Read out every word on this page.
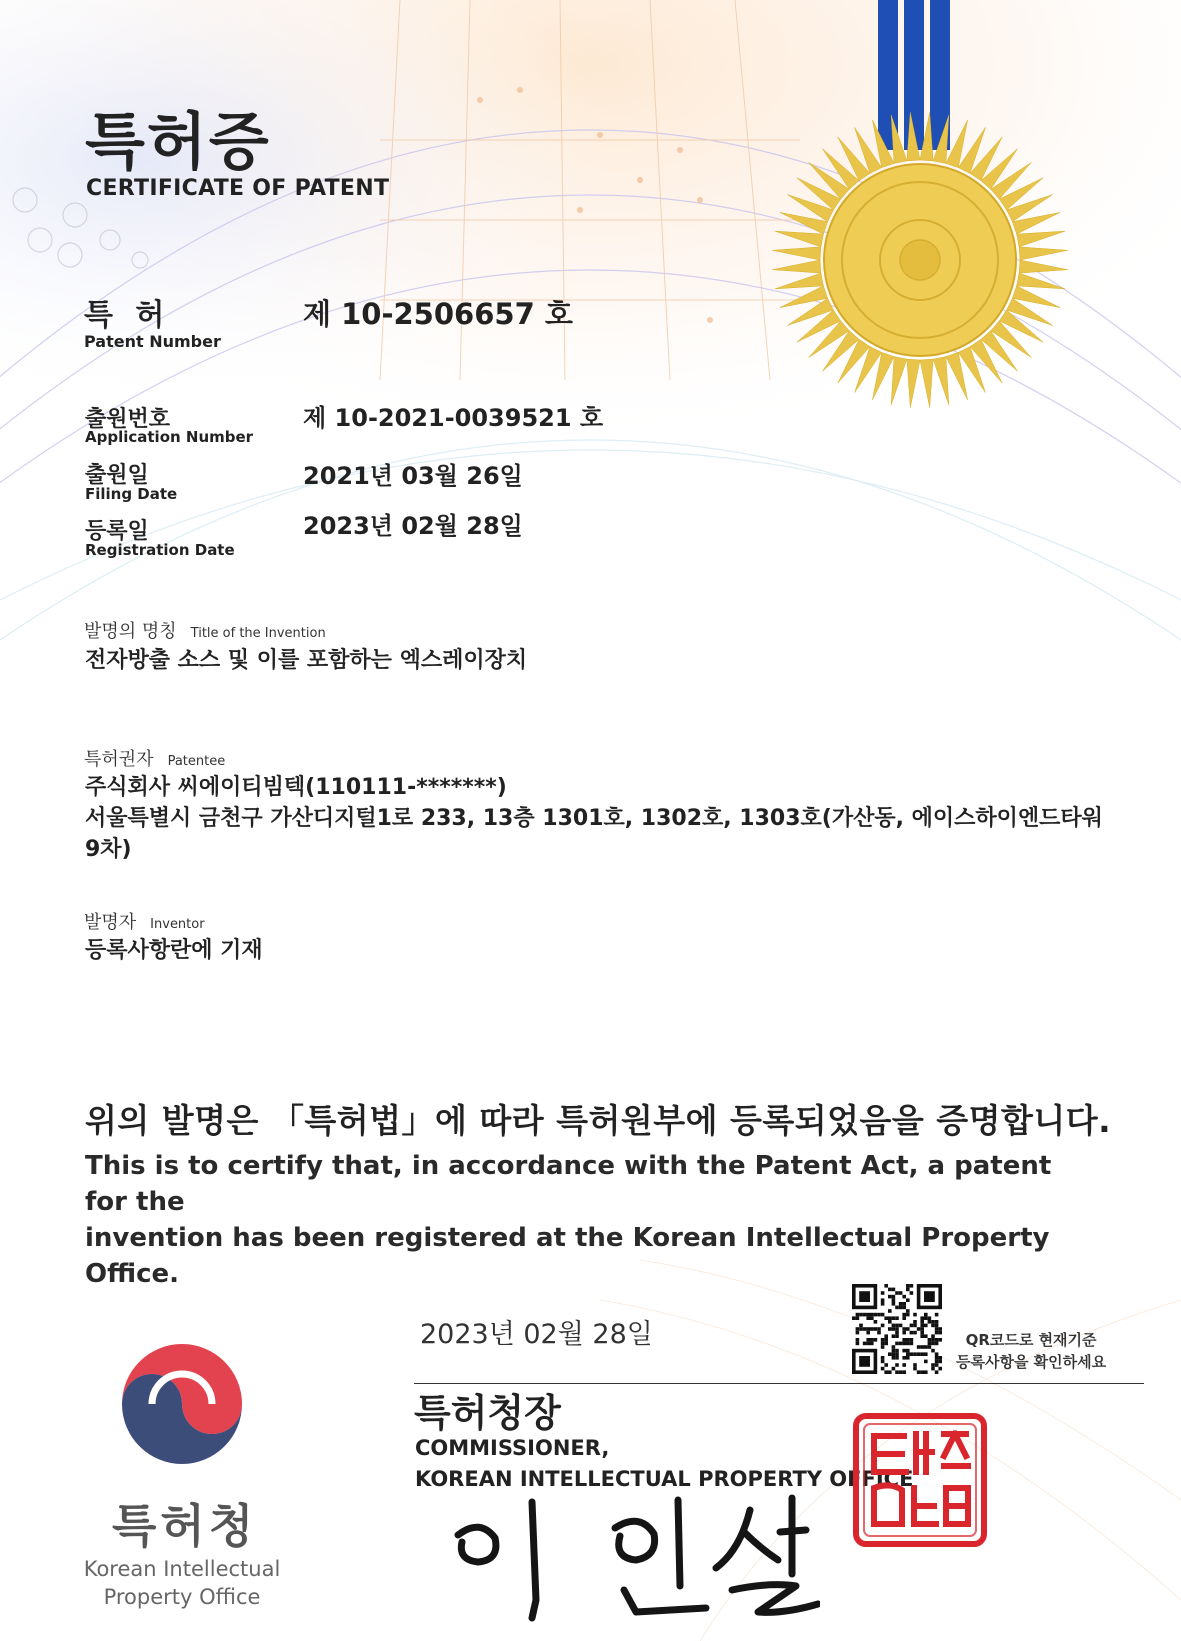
특허증
CERTIFICATE OF PATENT
특 허
Patent Number
제 10-2506657 호
출원번호
Application Number
제 10-2021-0039521 호
출원일
Filing Date
2021년 03월 26일
등록일
Registration Date
2023년 02월 28일
발명의 명칭 Title of the Invention
전자방출 소스 및 이를 포함하는 엑스레이장치
특허권자 Patentee
주식회사 씨에이티빔텍(110111-*******)
서울특별시 금천구 가산디지털1로 233, 13층 1301호, 1302호, 1303호(가산동, 에이스하이엔드타워
9차)
발명자 Inventor
등록사항란에 기재
위의 발명은 「특허법」에 따라 특허원부에 등록되었음을 증명합니다.
This is to certify that, in accordance with the Patent Act, a patent for the
invention has been registered at the Korean Intellectual Property Office.
2023년 02월 28일	QR코드로 현재기준
등록사항을 확인하세요
특허청장
COMMISSIONER,
KOREAN INTELLECTUAL PROPERTY OFFICE
특허청
Korean Intellectual
Property Office
